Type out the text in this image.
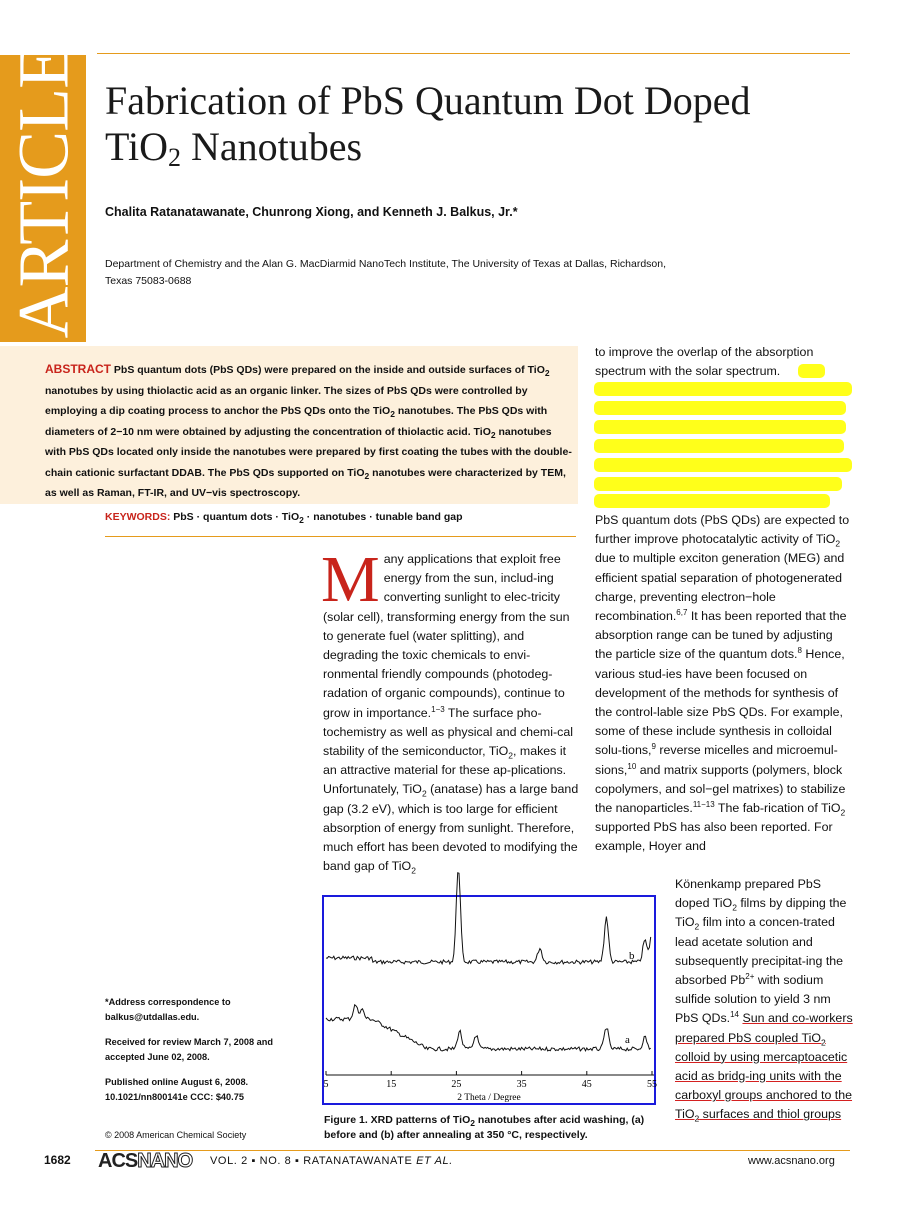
ARTICLE Fabrication of PbS Quantum Dot Doped
TiO$_2$ Nanotubes
Chalita Ratanatawanate, Chunrong Xiong, and Kenneth J. Balkus, Jr.*
Department of Chemistry and the Alan G. MacDiarmid NanoTech Institute, The University of Texas at Dallas, Richardson, Texas 75083-0688
ABSTRACT PbS quantum dots (PbS QDs) were prepared on the inside and outside surfaces of TiO$_2$ nanotubes by using thiolactic acid as an organic linker. The sizes of PbS QDs were controlled by employing a dip coating process to anchor the PbS QDs onto the TiO$_2$ nanotubes. The PbS QDs with diameters of 2−10 nm were obtained by adjusting the concentration of thiolactic acid. TiO$_2$ nanotubes with PbS QDs located only inside the nanotubes were prepared by first coating the tubes with the double-chain cationic surfactant DDAB. The PbS QDs supported on TiO$_2$ nanotubes were characterized by TEM, as well as Raman, FT-IR, and UV−vis spectroscopy.
KEYWORDS: PbS · quantum dots · TiO$_2$ · nanotubes · tunable band gap
M any applications that exploit free energy from the sun, includ-ing converting sunlight to elec-tricity (solar cell), transforming energy from the sun to generate fuel (water splitting), and degrading the toxic chemicals to envi-ronmental friendly compounds (photodeg-radation of organic compounds), continue to grow in importance.$^{1-3}$ The surface pho-tochemistry as well as physical and chemi-cal stability of the semiconductor, TiO$_2$, makes it an attractive material for these ap-plications. Unfortunately, TiO$_2$ (anatase) has a large band gap (3.2 eV), which is too large for efficient absorption of energy from sunlight. Therefore, much effort has been devoted to modifying the band gap of TiO$_2$

to improve the overlap of the absorption spectrum with the solar spectrum.

PbS quantum dots (PbS QDs) are expected to further improve photocatalytic activity of TiO$_2$ due to multiple exciton generation (MEG) and efficient spatial separation of photogenerated charge, preventing electron−hole recombination.$^{6,7}$ It has been reported that the absorption range can be tuned by adjusting the particle size of the quantum dots.$^8$ Hence, various stud-ies have been focused on development of the methods for synthesis of the control-lable size PbS QDs. For example, some of these include synthesis in colloidal solu-tions,$^9$ reverse micelles and microemul-sions,$^{10}$ and matrix supports (polymers, block copolymers, and sol−gel matrixes) to stabilize the nanoparticles.$^{11-13}$ The fab-rication of TiO$_2$ supported PbS has also been reported. For example, Hoyer and

Könenkamp prepared PbS doped TiO$_2$ films by dipping the TiO$_2$ film into a concen-trated lead acetate solution and subsequently precipitat-ing the absorbed $Pb^{2+}$ with sodium sulfide solution to yield 3 nm PbS QDs.$^{14}$ Sun and co-workers prepared PbS coupled TiO$_2$ colloid by using mercaptoacetic acid as bridg-ing units with the carboxyl groups anchored to the TiO$_2$ surfaces and thiol groups

5	15	25	35	45	55
b
a
2 Theta / Degree
Figure 1. XRD patterns of TiO$_2$ nanotubes after acid washing, (a) before and (b) after annealing at 350 °C, respectively.

*Address correspondence to balkus@utdallas.edu.

Received for review March 7, 2008 and accepted June 02, 2008.

Published online August 6, 2008.
10.1021/nn800141e CCC: $40.75

© 2008 American Chemical Society
1682 ACSNANO VOL. 2 ▪ NO. 8 ▪ RATANATAWANATE ET AL.	www.acsnano.org
